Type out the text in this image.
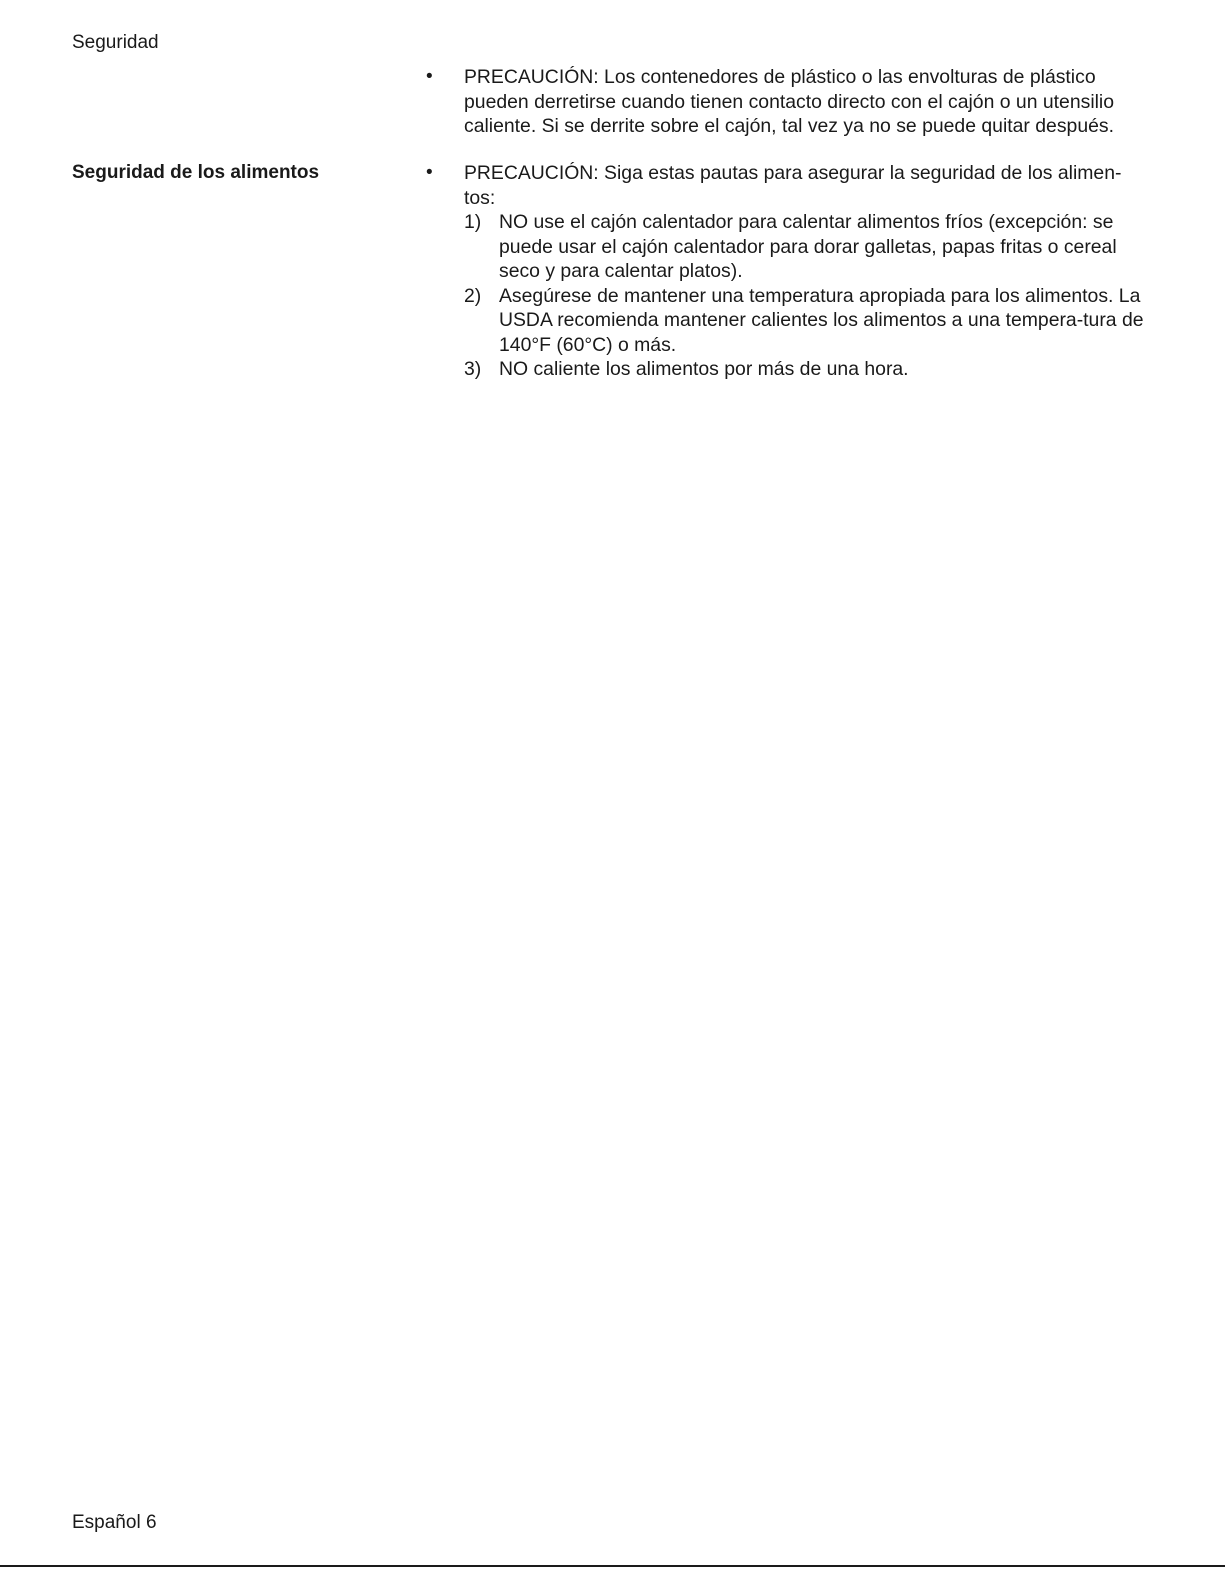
Seguridad
• PRECAUCIÓN: Los contenedores de plástico o las envolturas de plástico pueden derretirse cuando tienen contacto directo con el cajón o un utensilio caliente. Si se derrite sobre el cajón, tal vez ya no se puede quitar después.
Seguridad de los alimentos	• PRECAUCIÓN: Siga estas pautas para asegurar la seguridad de los alimen-tos:
1) NO use el cajón calentador para calentar alimentos fríos (excepción: se puede usar el cajón calentador para dorar galletas, papas fritas o cereal seco y para calentar platos).
2) Asegúrese de mantener una temperatura apropiada para los alimentos. La USDA recomienda mantener calientes los alimentos a una tempera-tura de 140°F (60°C) o más.
3) NO caliente los alimentos por más de una hora.
Español 6
